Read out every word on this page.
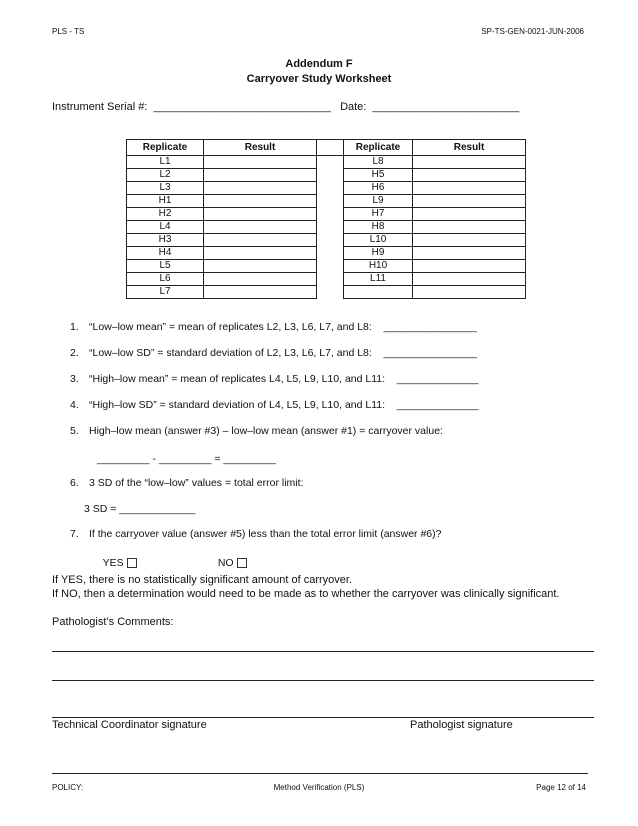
PLS - TS	SP-TS-GEN-0021-JUN-2006
Addendum F
Carryover Study Worksheet
Instrument Serial #:  _____________________________   Date:  ________________________
Replicate	Result		Replicate	Result
L1			L8	
L2			H5	
L3			H6	
H1			L9	
H2			H7	
L4			H8	
H3			L10	
H4			H9	
L5			H10	
L6			L11	
L7				
1. “Low–low mean” = mean of replicates L2, L3, L6, L7, and L8:    ________________
2. “Low–low SD” = standard deviation of L2, L3, L6, L7, and L8:    ________________
3. “High–low mean” = mean of replicates L4, L5, L9, L10, and L11:    ______________
4. “High–low SD” = standard deviation of L4, L5, L9, L10, and L11:    ______________
5. High–low mean (answer #3) – low–low mean (answer #1) = carryover value:
6. 3 SD of the “low–low” values = total error limit:
7. If the carryover value (answer #5) less than the total error limit (answer #6)?
_________ - _________ = _________
3 SD = _____________

YES	NO

If YES, there is no statistically significant amount of carryover.
If NO, then a determination would need to be made as to whether the carryover was clinically significant.
Pathologist’s Comments:
Technical Coordinator signature	Pathologist signature
POLICY:	Method Verification (PLS)	Page 12 of 14
